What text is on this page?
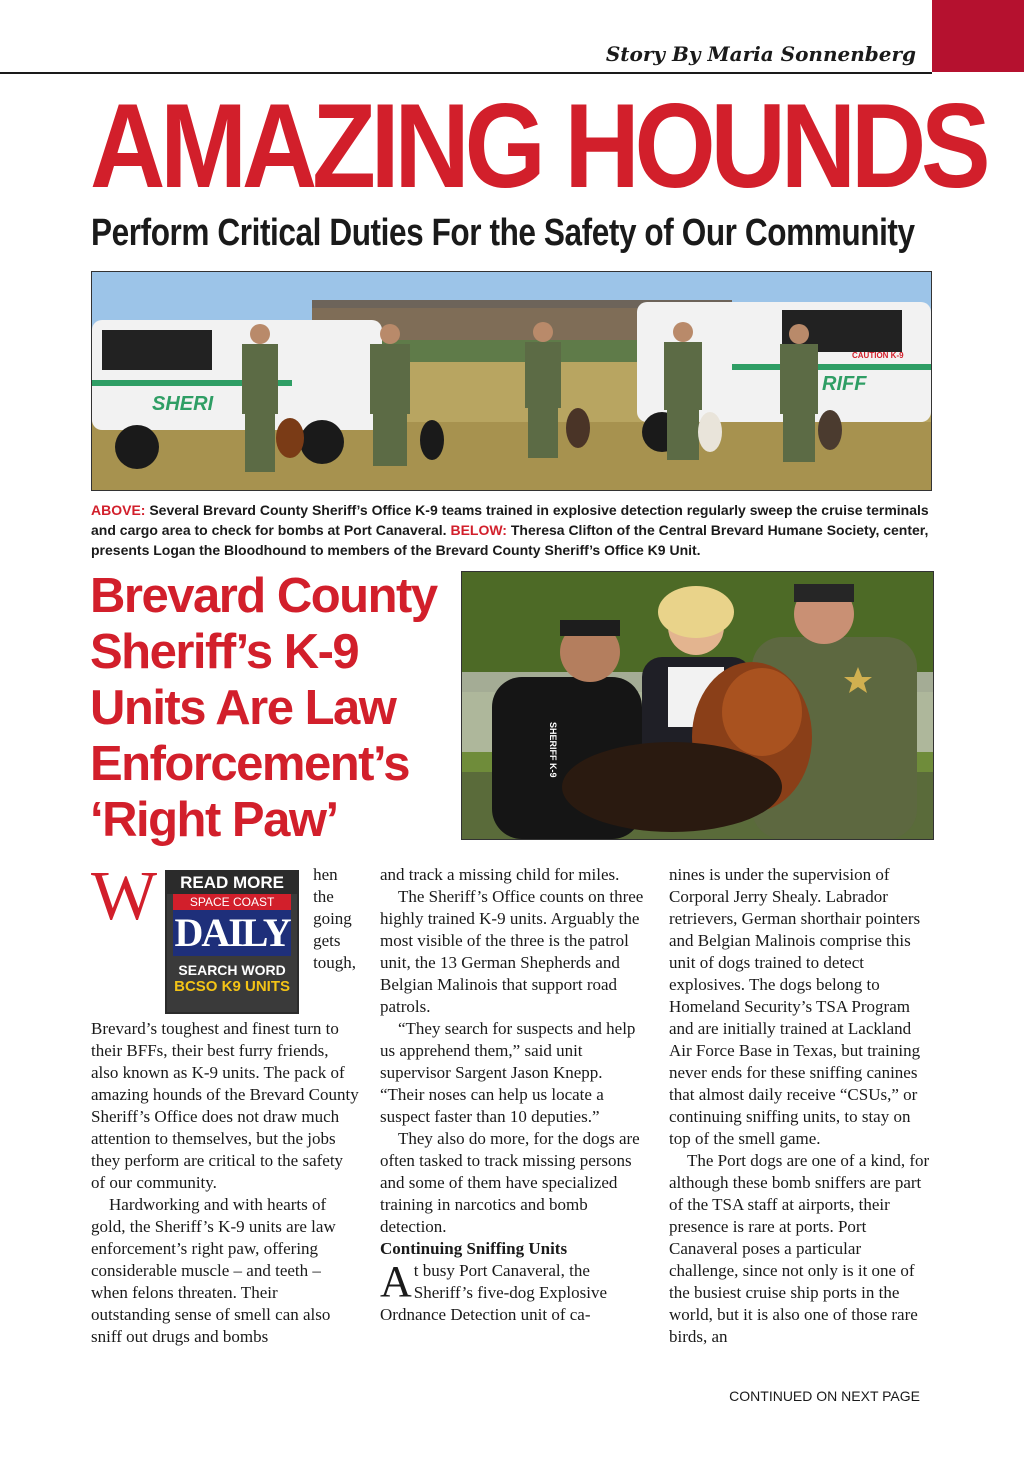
Story By Maria Sonnenberg
AMAZING HOUNDS
Perform Critical Duties For the Safety of Our Community
SHERI
RIFF
CAUTION K-9
ABOVE: Several Brevard County Sheriff’s Office K-9 teams trained in explosive detection regularly sweep the cruise terminals and cargo area to check for bombs at Port Canaveral. BELOW: Theresa Clifton of the Central Brevard Humane Society, center, presents Logan the Bloodhound to members of the Brevard County Sheriff’s Office K9 Unit.
Brevard County Sheriff’s K-9 Units Are Law Enforcement’s ‘Right Paw’
SHERIFF K-9
W	READ MORE
SPACE COAST
DAILY
SEARCH WORD
BCSO K9 UNITS

hen the going gets tough, Brevard’s toughest and finest turn to their BFFs, their best furry friends, also known as K-9 units. The pack of amazing hounds of the Brevard County Sheriff’s Office does not draw much attention to themselves, but the jobs they perform are critical to the safety of our community.

Hardworking and with hearts of gold, the Sheriff’s K-9 units are law enforcement’s right paw, offering considerable muscle – and teeth – when felons threaten. Their outstanding sense of smell can also sniff out drugs and bombs

and track a missing child for miles.

The Sheriff’s Office counts on three highly trained K-9 units. Arguably the most visible of the three is the patrol unit, the 13 German Shepherds and Belgian Malinois that support road patrols.

“They search for suspects and help us apprehend them,” said unit supervisor Sargent Jason Knepp. “Their noses can help us locate a suspect faster than 10 deputies.”

They also do more, for the dogs are often tasked to track missing persons and some of them have specialized training in narcotics and bomb detection.

Continuing Sniffing Units

At busy Port Canaveral, the Sheriff’s five-dog Explosive Ordnance Detection unit of ca-

nines is under the supervision of Corporal Jerry Shealy. Labrador retrievers, German shorthair pointers and Belgian Malinois comprise this unit of dogs trained to detect explosives. The dogs belong to Homeland Security’s TSA Program and are initially trained at Lackland Air Force Base in Texas, but training never ends for these sniffing canines that almost daily receive “CSUs,” or continuing sniffing units, to stay on top of the smell game.

The Port dogs are one of a kind, for although these bomb sniffers are part of the TSA staff at airports, their presence is rare at ports. Port Canaveral poses a particular challenge, since not only is it one of the busiest cruise ship ports in the world, but it is also one of those rare birds, an

CONTINUED ON NEXT PAGE
